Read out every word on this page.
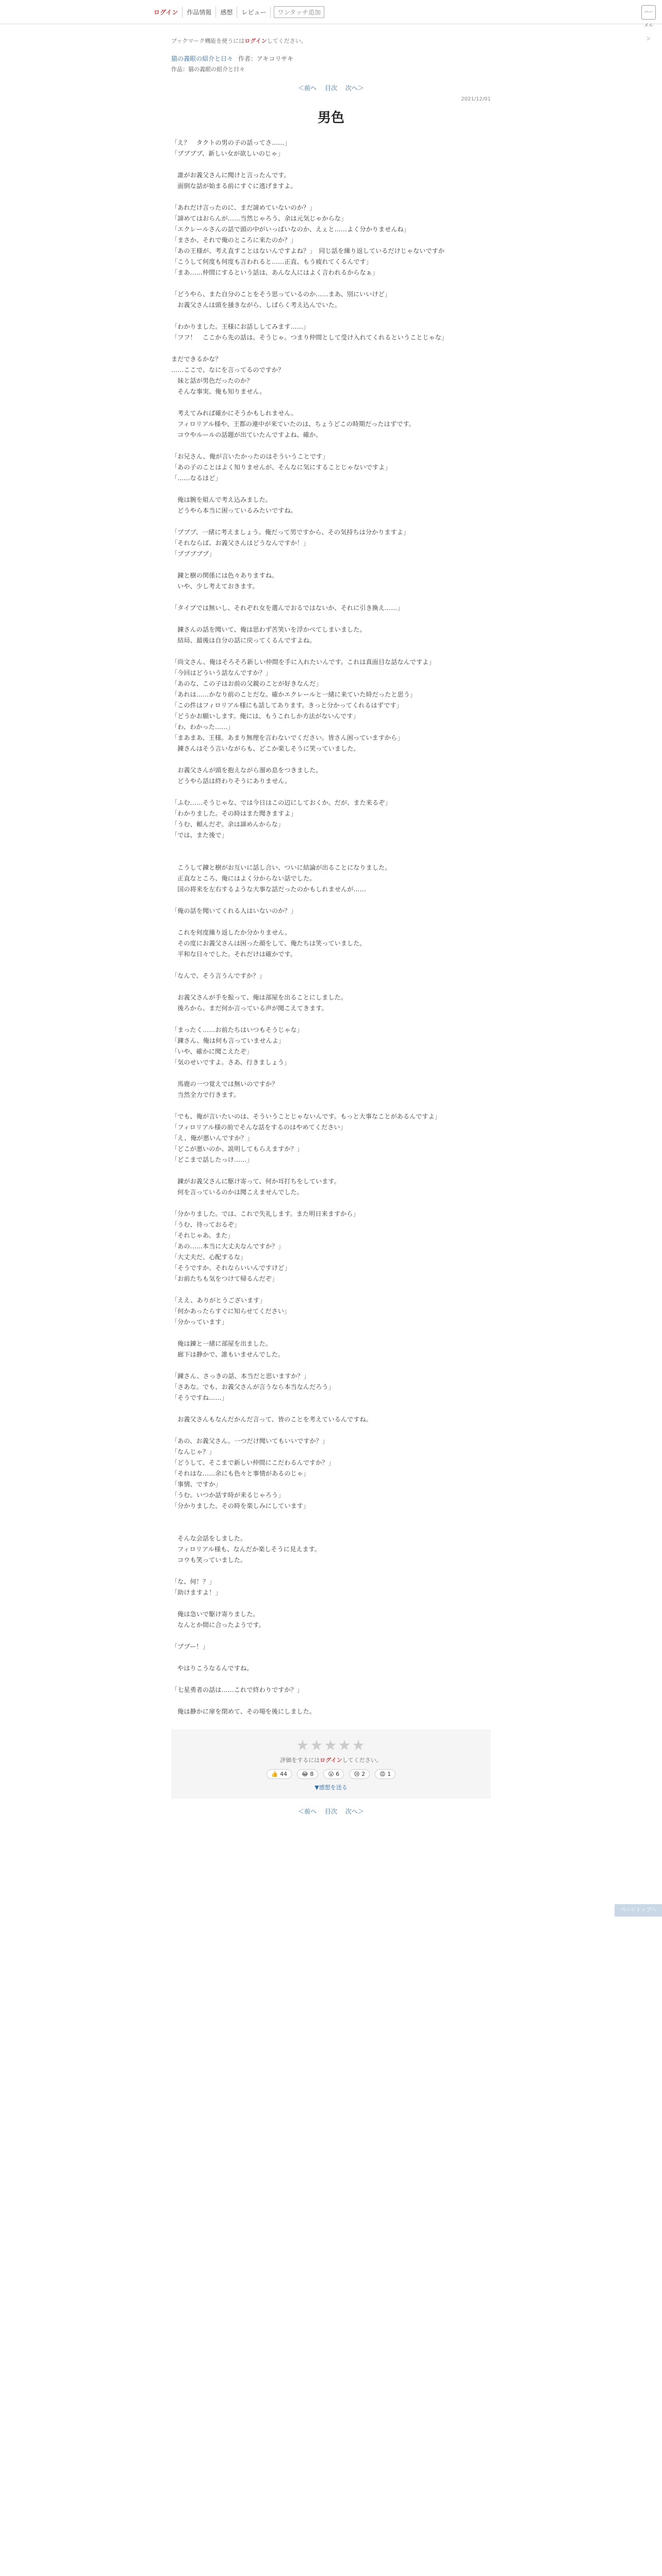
ログイン	作品情報	感想	レビュー	ワンタッチ追加	ハーメルン
ブックマーク機能を使うにはログインしてください。
猫の義眼の紹介と日々 作者：アキコリサキ
作品：猫の義眼の紹介と日々
＜前へ 目次 次へ＞
2021/12/01
男色

「え？　タクトの男の子の話ってさ……」

「ブブブブ、新しい女が欲しいのじゃ」

　誰がお義父さんに聞けと言ったんです。

　面倒な話が始まる前にすぐに逃げますよ。

「あれだけ言ったのに、まだ諦めていないのか？」

「諦めてはおらんが……当然じゃろう、余は元気じゃからな」

「エクレールさんの話で頭の中がいっぱいなのか、えぇと……よく分かりませんね」

「まさか、それで俺のところに来たのか？」

「あの王様が、考え直すことはないんですよね？」　同じ話を繰り返しているだけじゃないですか

「こうして何度も何度も言われると……正直、もう疲れてくるんです」

「まあ……仲間にするという話は、あんな人にはよく言われるからなぁ」

「どうやら、また自分のことをそう思っているのか……まあ、別にいいけど」

　お義父さんは頭を掻きながら、しばらく考え込んでいた。

「わかりました。王様にお話ししてみます……」

「フフ！　ここから先の話は、そうじゃ。つまり仲間として受け入れてくれるということじゃな」

まだできるかな？

……ここで、なにを言ってるのですか？

　妹と話が男色だったのか？

　そんな事実、俺も知りません。

　考えてみれば確かにそうかもしれません。

　フィロリアル様や、王都の連中が来ていたのは、ちょうどこの時期だったはずです。

　コウやルールの話題が出ていたんですよね、確か。

「お兄さん、俺が言いたかったのはそういうことです」

「あの子のことはよく知りませんが、そんなに気にすることじゃないですよ」

「……なるほど」

　俺は腕を組んで考え込みました。

　どうやら本当に困っているみたいですね。

「ブブブ、一緒に考えましょう。俺だって男ですから、その気持ちは分かりますよ」

「それならば、お義父さんはどうなんですか！」

「ブブブブブ」

　錬と樹の関係には色々ありますね。

　いや、少し考えておきます。

「タイプでは無いし、それぞれ女を選んでおるではないか、それに引き換え……」

　錬さんの話を聞いて、俺は思わず苦笑いを浮かべてしまいました。

　結局、最後は自分の話に戻ってくるんですよね。

「尚文さん、俺はそろそろ新しい仲間を手に入れたいんです。これは真面目な話なんですよ」

「今回はどういう話なんですか？」

「あのな、この子はお前の父親のことが好きなんだ」

「あれは……かなり前のことだな。確かエクレールと一緒に来ていた時だったと思う」

「この件はフィロリアル様にも話してあります。きっと分かってくれるはずです」

「どうかお願いします。俺には、もうこれしか方法がないんです」

「わ、わかった……」

「まあまあ、王様。あまり無理を言わないでください。皆さん困っていますから」

　錬さんはそう言いながらも、どこか楽しそうに笑っていました。

　お義父さんが頭を抱えながら溜め息をつきました。

　どうやら話は終わりそうにありません。

「ふむ……そうじゃな、では今日はこの辺にしておくか。だが、また来るぞ」

「わかりました。その時はまた聞きますよ」

「うむ、頼んだぞ。余は諦めんからな」

「では、また後で」

　こうして錬と樹がお互いに話し合い、ついに結論が出ることになりました。

　正直なところ、俺にはよく分からない話でした。

　国の将来を左右するような大事な話だったのかもしれませんが……

「俺の話を聞いてくれる人はいないのか？」

　これを何度繰り返したか分かりません。

　その度にお義父さんは困った顔をして、俺たちは笑っていました。

　平和な日々でした。それだけは確かです。

「なんで、そう言うんですか？」

　お義父さんが手を振って、俺は部屋を出ることにしました。

　後ろから、まだ何か言っている声が聞こえてきます。

「まったく……お前たちはいつもそうじゃな」

「錬さん、俺は何も言っていませんよ」

「いや、確かに聞こえたぞ」

「気のせいですよ。さあ、行きましょう」

　馬鹿の一つ覚えでは無いのですか？

　当然全力で行きます。

「でも、俺が言いたいのは、そういうことじゃないんです。もっと大事なことがあるんですよ」

「フィロリアル様の前でそんな話をするのはやめてください」

「え、俺が悪いんですか？」

「どこが悪いのか、説明してもらえますか？」

「どこまで話したっけ……」

　錬がお義父さんに駆け寄って、何か耳打ちをしています。

　何を言っているのかは聞こえませんでした。

「分かりました。では、これで失礼します。また明日来ますから」

「うむ、待っておるぞ」

「それじゃあ、また」

「あの……本当に大丈夫なんですか？」

「大丈夫だ、心配するな」

「そうですか。それならいいんですけど」

「お前たちも気をつけて帰るんだぞ」

「ええ、ありがとうございます」

「何かあったらすぐに知らせてください」

「分かっています」

　俺は錬と一緒に部屋を出ました。

　廊下は静かで、誰もいませんでした。

「錬さん、さっきの話、本当だと思いますか？」

「さあな。でも、お義父さんが言うなら本当なんだろう」

「そうですね……」

　お義父さんもなんだかんだ言って、皆のことを考えているんですね。

「あの、お義父さん。一つだけ聞いてもいいですか？」

「なんじゃ？」

「どうして、そこまで新しい仲間にこだわるんですか？」

「それはな……余にも色々と事情があるのじゃ」

「事情、ですか」

「うむ。いつか話す時が来るじゃろう」

「分かりました。その時を楽しみにしています」

　そんな会話をしました。

　フィロリアル様も、なんだか楽しそうに見えます。

　コウも笑っていました。

「な、何！？」

「助けますよ！」

　俺は急いで駆け寄りました。

　なんとか間に合ったようです。

「ブブー！」

　やはりこうなるんですね。

「七星勇者の話は……これで終わりですか？」

　俺は静かに扉を閉めて、その場を後にしました。

★★★★★
評価をするにはログインしてください。
👍 44	😂 8	😮 6	😢 2	😡 1
▼感想を送る
＜前へ 目次 次へ＞
ページトップへ
